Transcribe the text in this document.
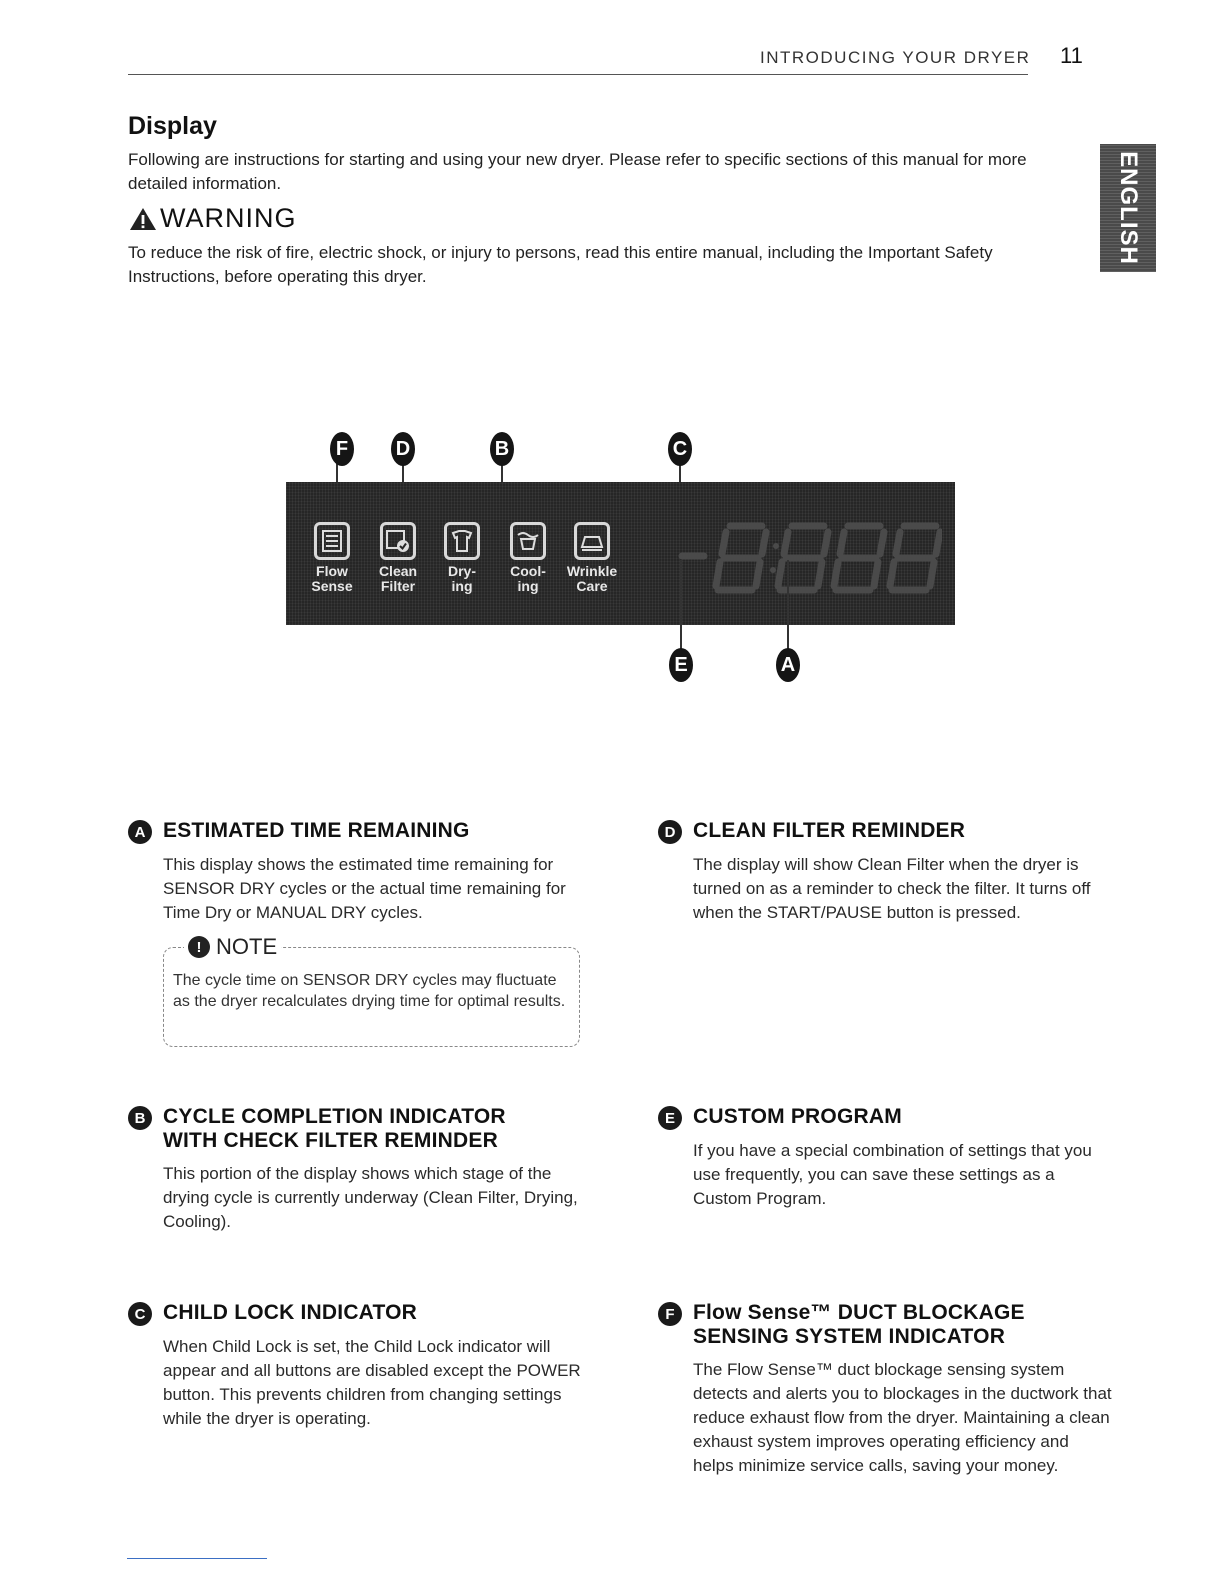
INTRODUCING YOUR DRYER 11
ENGLISH
Display
Following are instructions for starting and using your new dryer. Please refer to specific sections of this manual for more detailed information.
WARNING
To reduce the risk of fire, electric shock, or injury to persons, read this entire manual, including the Important Safety Instructions, before operating this dryer.
F D	B	C
Flow
Sense
Clean
Filter
Dry-
ing
Cool-
ing
Wrinkle
Care
E	A
A ESTIMATED TIME REMAINING
This display shows the estimated time remaining for SENSOR DRY cycles or the actual time remaining for Time Dry or MANUAL DRY cycles.
! NOTE
The cycle time on SENSOR DRY cycles may fluctuate as the dryer recalculates drying time for optimal results.
B CYCLE COMPLETION INDICATOR
WITH CHECK FILTER REMINDER
This portion of the display shows which stage of the drying cycle is currently underway (Clean Filter, Drying, Cooling).
C CHILD LOCK INDICATOR
When Child Lock is set, the Child Lock indicator will appear and all buttons are disabled except the POWER button. This prevents children from changing settings while the dryer is operating.
D CLEAN FILTER REMINDER
The display will show Clean Filter when the dryer is turned on as a reminder to check the filter. It turns off when the START/PAUSE button is pressed.
E CUSTOM PROGRAM
If you have a special combination of settings that you use frequently, you can save these settings as a Custom Program.
F Flow Sense™ DUCT BLOCKAGE
SENSING SYSTEM INDICATOR
The Flow Sense™ duct blockage sensing system detects and alerts you to blockages in the ductwork that reduce exhaust flow from the dryer. Maintaining a clean exhaust system improves operating efficiency and helps minimize service calls, saving your money.
